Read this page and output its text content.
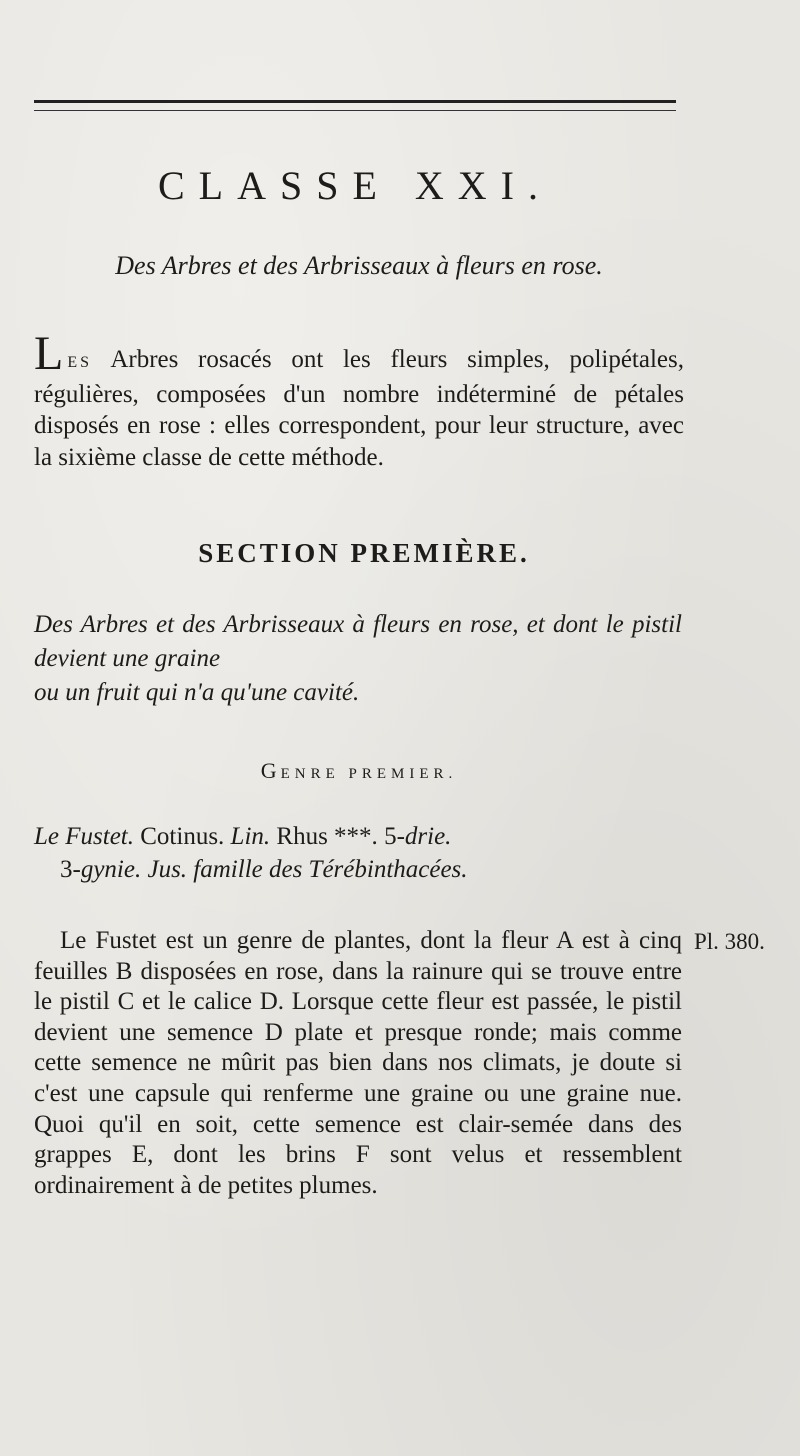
CLASSE XXI.

Des Arbres et des Arbrisseaux à fleurs en rose.

LES Arbres rosacés ont les fleurs simples, polipétales, régulières, composées d'un nombre indéterminé de pétales disposés en rose : elles correspondent, pour leur structure, avec la sixième classe de cette méthode.

SECTION PREMIÈRE.

Des Arbres et des Arbrisseaux à fleurs en rose, et dont le pistil devient une graine
ou un fruit qui n'a qu'une cavité.

GENRE PREMIER.

Le Fustet. Cotinus. Lin. Rhus ***. 5-drie.
3-gynie. Jus. famille des Térébinthacées.

Le Fustet est un genre de plantes, dont la fleur A est à cinq feuilles B disposées en rose, dans la rainure qui se trouve entre le pistil C et le calice D. Lorsque cette fleur est passée, le pistil devient une semence D plate et presque ronde; mais comme cette semence ne mûrit pas bien dans nos climats, je doute si c'est une capsule qui renferme une graine ou une graine nue. Quoi qu'il en soit, cette semence est clair-semée dans des grappes E, dont les brins F sont velus et ressemblent ordinairement à de petites plumes.

Pl. 380.
